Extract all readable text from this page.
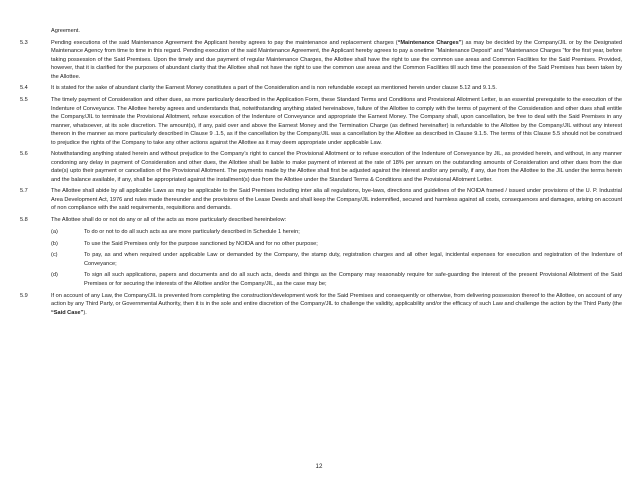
Agreement.
5.3	Pending executions of the said Maintenance Agreement the Applicant hereby agrees to pay the maintenance and replacement charges (“Maintenance Charges”) as may be decided by the Company/JIL or by the Designated Maintenance Agency from time to time in this regard. Pending execution of the said Maintenance Agreement, the Applicant hereby agrees to pay a onetime “Maintenance Deposit” and “Maintenance Charges “for the first year, before taking possession of the Said Premises. Upon the timely and due payment of regular Maintenance Charges, the Allottee shall have the right to use the common use areas and Common Facilities for the Said Premises. Provided, however, that it is clarified for the purposes of abundant clarity that the Allottee shall not have the right to use the common use areas and the Common Facilities till such time the possession of the Said Premises has been taken by the Allottee.
5.4	It is stated for the sake of abundant clarity the Earnest Money constitutes a part of the Consideration and is non refundable except as mentioned herein under clause 5.12 and 9.1.5.
5.5	The timely payment of Consideration and other dues, as more particularly described in the Application Form, these Standard Terms and Conditions and Provisional Allotment Letter, is an essential prerequisite to the execution of the Indenture of Conveyance. The Allottee hereby agrees and understands that, notwithstanding anything stated hereinabove, failure of the Allottee to comply with the terms of payment of the Consideration and other dues shall entitle the Company/JIL to terminate the Provisional Allotment, refuse execution of the Indenture of Conveyance and appropriate the Earnest Money. The Company shall, upon cancellation, be free to deal with the Said Premises in any manner, whatsoever, at its sole discretion. The amount(s), if any, paid over and above the Earnest Money and the Termination Charge (as defined hereinafter) is refundable to the Allottee by the Company/JIL without any interest thereon in the manner as more particularly described in Clause 9 .1.5, as if the cancellation by the Company/JIL was a cancellation by the Allottee as described in Clause 9.1.5. The terms of this Clause 5.5 should not be construed to prejudice the rights of the Company to take any other actions against the Allottee as it may deem appropriate under applicable Law.
5.6	Notwithstanding anything stated herein and without prejudice to the Company’s right to cancel the Provisional Allotment or to refuse execution of the Indenture of Conveyance by JIL, as provided herein, and without, in any manner condoning any delay in payment of Consideration and other dues, the Allottee shall be liable to make payment of interest at the rate of 18% per annum on the outstanding amounts of Consideration and other dues from the due date(s) upto their payment or cancellation of the Provisional Allotment. The payments made by the Allottee shall first be adjusted against the interest and/or any penalty, if any, due from the Allottee to the JIL under the terms herein and the balance available, if any, shall be appropriated against the installment(s) due from the Allottee under the Standard Terms & Conditions and the Provisional Allotment Letter.
5.7	The Allottee shall abide by all applicable Laws as may be applicable to the Said Premises including inter alia all regulations, bye-laws, directions and guidelines of the NOIDA framed / issued under provisions of the U. P. Industrial Area Development Act, 1976 and rules made thereunder and the provisions of the Lease Deeds and shall keep the Company/JIL indemnified, secured and harmless against all costs, consequences and damages, arising on account of non compliance with the said requirements, requisitions and demands.
5.8	The Allottee shall do or not do any or all of the acts as more particularly described hereinbelow:
(a)	To do or not to do all such acts as are more particularly described in Schedule 1 herein;
(b)	To use the Said Premises only for the purpose sanctioned by NOIDA and for no other purpose;
(c)	To pay, as and when required under applicable Law or demanded by the Company, the stamp duty, registration charges and all other legal, incidental expenses for execution and registration of the Indenture of Conveyance;
(d)	To sign all such applications, papers and documents and do all such acts, deeds and things as the Company may reasonably require for safe-guarding the interest of the present Provisional Allotment of the Said Premises or for securing the interests of the Allottee and/or the Company/JIL, as the case may be;
5.9	If on account of any Law, the Company/JIL is prevented from completing the construction/development work for the Said Premises and consequently or otherwise, from delivering possession thereof to the Allottee, on account of any action by any Third Party, or Governmental Authority, then it is in the sole and entire discretion of the Company/JIL to challenge the validity, applicability and/or the efficacy of such Law and challenge the action by the Third Party (the “Said Case”).
12
